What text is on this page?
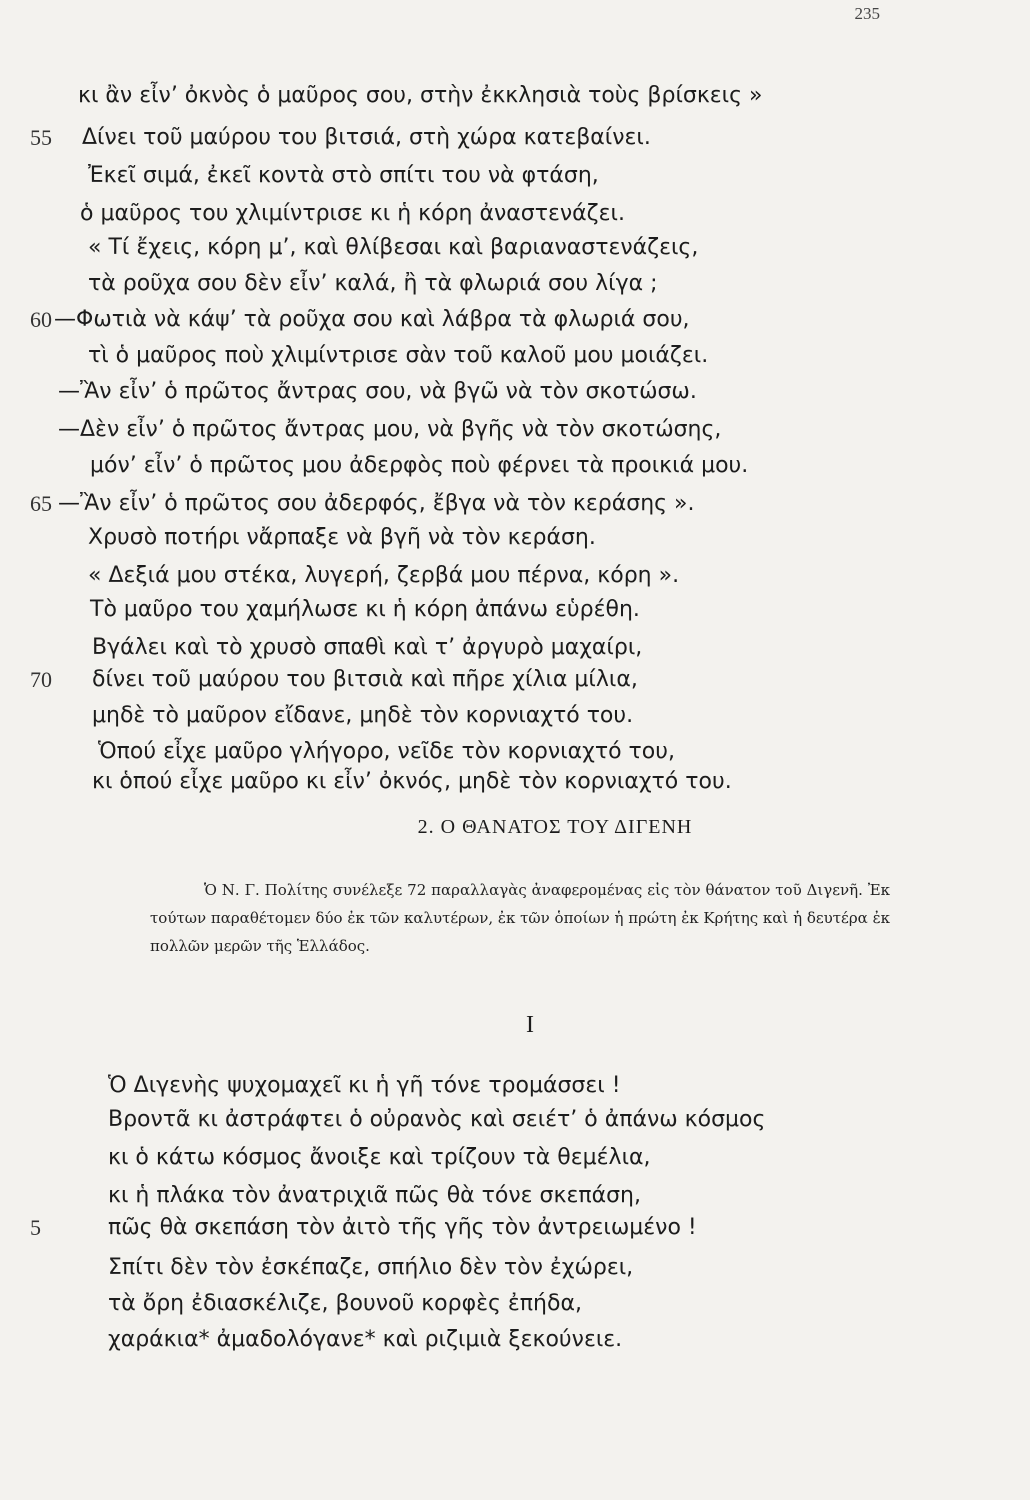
235
κι ἂν εἶν’ ὀκνὸς ὁ μαῦρος σου, στὴν ἐκκλησιὰ τοὺς βρίσκεις »
55	Δίνει τοῦ μαύρου του βιτσιά, στὴ χώρα κατεβαίνει.
Ἐκεῖ σιμά, ἐκεῖ κοντὰ στὸ σπίτι του νὰ φτάση,
ὁ μαῦρος του χλιμίντρισε κι ἡ κόρη ἀναστενάζει.
« Τί ἔχεις, κόρη μ’, καὶ θλίβεσαι καὶ βαριαναστενάζεις,
τὰ ροῦχα σου δὲν εἶν’ καλά, ἢ τὰ φλωριά σου λίγα ;
60 —Φωτιὰ νὰ κάψ’ τὰ ροῦχα σου καὶ λάβρα τὰ φλωριά σου,
τὶ ὁ μαῦρος ποὺ χλιμίντρισε σὰν τοῦ καλοῦ μου μοιάζει.
—Ἂν εἶν’ ὁ πρῶτος ἄντρας σου, νὰ βγῶ νὰ τὸν σκοτώσω.
—Δὲν εἶν’ ὁ πρῶτος ἄντρας μου, νὰ βγῆς νὰ τὸν σκοτώσης,
μόν’ εἶν’ ὁ πρῶτος μου ἀδερφὸς ποὺ φέρνει τὰ προικιά μου.
65 —Ἂν εἶν’ ὁ πρῶτος σου ἀδερφός, ἔβγα νὰ τὸν κεράσης ».
Χρυσὸ ποτήρι νἄρπαξε νὰ βγῆ νὰ τὸν κεράση.
« Δεξιά μου στέκα, λυγερή, ζερβά μου πέρνα, κόρη ».
Τὸ μαῦρο του χαμήλωσε κι ἡ κόρη ἀπάνω εὑρέθη.
Βγάλει καὶ τὸ χρυσὸ σπαθὶ καὶ τ’ ἀργυρὸ μαχαίρι,
70	δίνει τοῦ μαύρου του βιτσιὰ καὶ πῆρε χίλια μίλια,
μηδὲ τὸ μαῦρον εἴδανε, μηδὲ τὸν κορνιαχτό του.
Ὁπού εἶχε μαῦρο γλήγορο, νεῖδε τὸν κορνιαχτό του,
κι ὁπού εἶχε μαῦρο κι εἶν’ ὀκνός, μηδὲ τὸν κορνιαχτό του.
2. Ο ΘΑΝΑΤΟΣ ΤΟΥ ΔΙΓΕΝΗ
Ὁ Ν. Γ. Πολίτης συνέλεξε 72 παραλλαγὰς ἀναφερομένας εἰς τὸν θάνατον τοῦ Διγενῆ. Ἐκ τούτων παραθέτομεν δύο ἐκ τῶν καλυτέρων, ἐκ τῶν ὁποίων ἡ πρώτη ἐκ Κρήτης καὶ ἡ δευτέρα ἐκ πολλῶν μερῶν τῆς Ἑλλάδος.
I
Ὁ Διγενὴς ψυχομαχεῖ κι ἡ γῆ τόνε τρομάσσει !
Βροντᾶ κι ἀστράφτει ὁ οὐρανὸς καὶ σειέτ’ ὁ ἀπάνω κόσμος
κι ὁ κάτω κόσμος ἄνοιξε καὶ τρίζουν τὰ θεμέλια,
κι ἡ πλάκα τὸν ἀνατριχιᾶ πῶς θὰ τόνε σκεπάση,
5	πῶς θὰ σκεπάση τὸν ἀιτὸ τῆς γῆς τὸν ἀντρειωμένο !
Σπίτι δὲν τὸν ἐσκέπαζε, σπήλιο δὲν τὸν ἐχώρει,
τὰ ὄρη ἐδιασκέλιζε, βουνοῦ κορφὲς ἐπήδα,
χαράκια* ἀμαδολόγανε* καὶ ριζιμιὰ ξεκούνειε.
